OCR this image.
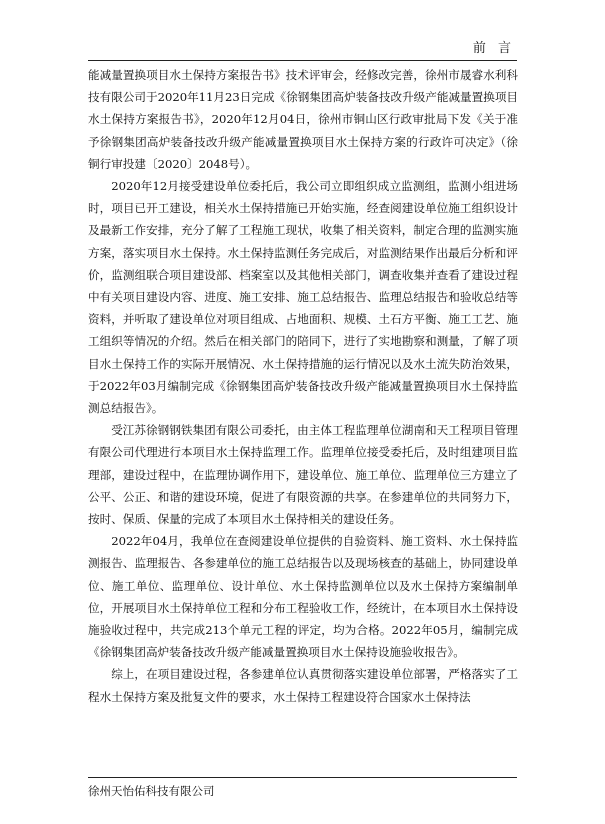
前 言

能减量置换项目水土保持方案报告书》技术评审会，经修改完善，徐州市晟睿水利科技有限公司于2020年11月23日完成《徐钢集团高炉装备技改升级产能减量置换项目水土保持方案报告书》，2020年12月04日，徐州市铜山区行政审批局下发《关于准予徐钢集团高炉装备技改升级产能减量置换项目水土保持方案的行政许可决定》（徐铜行审投建〔2020〕2048号）。

2020年12月接受建设单位委托后，我公司立即组织成立监测组，监测小组进场时，项目已开工建设，相关水土保持措施已开始实施，经查阅建设单位施工组织设计及最新工作安排，充分了解了工程施工现状，收集了相关资料，制定合理的监测实施方案，落实项目水土保持。水土保持监测任务完成后，对监测结果作出最后分析和评价，监测组联合项目建设部、档案室以及其他相关部门，调查收集并查看了建设过程中有关项目建设内容、进度、施工安排、施工总结报告、监理总结报告和验收总结等资料，并听取了建设单位对项目组成、占地面积、规模、土石方平衡、施工工艺、施工组织等情况的介绍。然后在相关部门的陪同下，进行了实地勘察和测量，了解了项目水土保持工作的实际开展情况、水土保持措施的运行情况以及水土流失防治效果，于2022年03月编制完成《徐钢集团高炉装备技改升级产能减量置换项目水土保持监测总结报告》。

受江苏徐钢钢铁集团有限公司委托，由主体工程监理单位湖南和天工程项目管理有限公司代理进行本项目水土保持监理工作。监理单位接受委托后，及时组建项目监理部，建设过程中，在监理协调作用下，建设单位、施工单位、监理单位三方建立了公平、公正、和谐的建设环境，促进了有限资源的共享。在参建单位的共同努力下，按时、保质、保量的完成了本项目水土保持相关的建设任务。

2022年04月，我单位在查阅建设单位提供的自验资料、施工资料、水土保持监测报告、监理报告、各参建单位的施工总结报告以及现场核查的基础上，协同建设单位、施工单位、监理单位、设计单位、水土保持监测单位以及水土保持方案编制单位，开展项目水土保持单位工程和分布工程验收工作，经统计，在本项目水土保持设施验收过程中，共完成213个单元工程的评定，均为合格。2022年05月，编制完成《徐钢集团高炉装备技改升级产能减量置换项目水土保持设施验收报告》。

综上，在项目建设过程，各参建单位认真贯彻落实建设单位部署，严格落实了工程水土保持方案及批复文件的要求，水土保持工程建设符合国家水土保持法

徐州天怡佑科技有限公司
